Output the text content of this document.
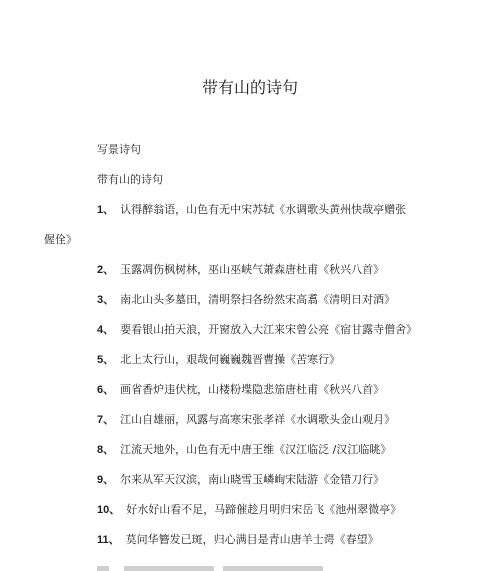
带有山的诗句
写景诗句
带有山的诗句
1、 认得醉翁语，山色有无中宋苏轼《水调歌头黄州快哉亭赠张
偓佺》
2、 玉露凋伤枫树林，巫山巫峡气萧森唐杜甫《秋兴八首》
3、 南北山头多墓田，清明祭扫各纷然宋高翥《清明日对酒》
4、 要看银山拍天浪，开窗放入大江来宋曾公亮《宿甘露寺僧舍》
5、 北上太行山，艰哉何巍巍魏晋曹操《苦寒行》
6、 画省香炉违伏枕，山楼粉堞隐悲笳唐杜甫《秋兴八首》
7、 江山自雄丽，风露与高寒宋张孝祥《水调歌头金山观月》
8、 江流天地外，山色有无中唐王维《汉江临泛 /汉江临眺》
9、 尔来从军天汉滨，南山晓雪玉嶙峋宋陆游《金错刀行》
10、 好水好山看不足，马蹄催趁月明归宋岳飞《池州翠微亭》
11、 莫问华簪发已斑，归心满目是青山唐羊士谔《春望》
